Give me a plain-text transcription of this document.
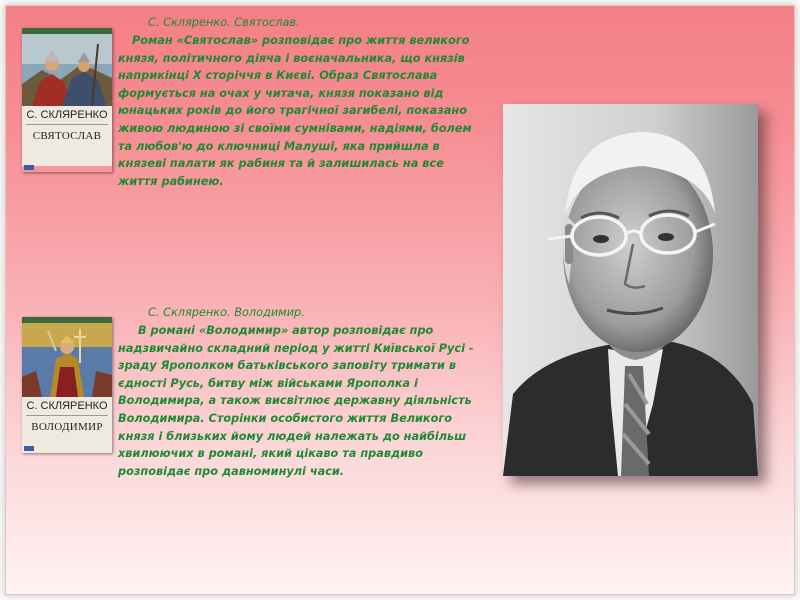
С. СКЛЯРЕНКО
СВЯТОСЛАВ

С. Скляренко. Святослав.

Роман «Святослав» розповідає про життя великого князя, політичного діяча і воєначальника, що князів наприкінці X сторіччя в Києві. Образ Святослава формується на очах у читача, князя показано від юнацьких років до його трагічної загибелі, показано живою людиною зі своїми сумнівами, надіями, болем та любов'ю до ключниці Малуші, яка прийшла в князеві палати як рабиня та й залишилась на все життя рабинею.

С. СКЛЯРЕНКО
ВОЛОДИМИР

С. Скляренко. Володимир.

В романі «Володимир» автор розповідає про надзвичайно складний період у житті Київської Русі - зраду Ярополком батьківського заповіту тримати в єдності Русь, битву між військами Ярополка і Володимира, а також висвітлює державну діяльність Володимира. Сторінки особистого життя Великого князя і близьких йому людей належать до найбільш хвилюючих в романі, який цікаво та правдиво розповідає про давноминулі часи.
